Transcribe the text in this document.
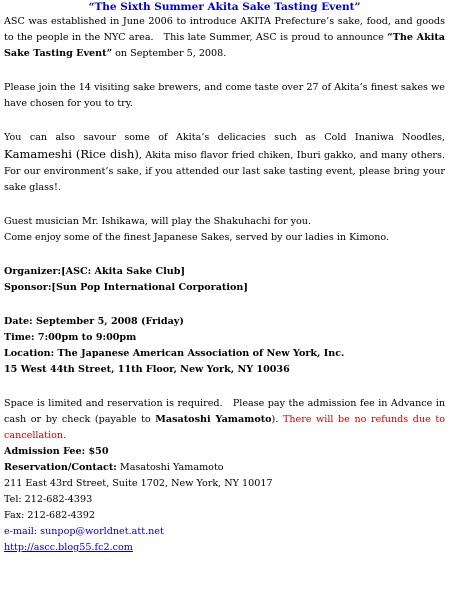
“The Sixth Summer Akita Sake Tasting Event”

ASC was established in June 2006 to introduce AKITA Prefecture’s sake, food, and goods to the people in the NYC area.   This late Summer, ASC is proud to announce “The Akita Sake Tasting Event” on September 5, 2008.

Please join the 14 visiting sake brewers, and come taste over 27 of Akita’s finest sakes we have chosen for you to try.

You can also savour some of Akita’s delicacies such as Cold Inaniwa Noodles, Kamameshi (Rice dish), Akita miso flavor fried chiken, Iburi gakko, and many others. For our environment’s sake, if you attended our last sake tasting event, please bring your sake glass!.

Guest musician Mr. Ishikawa, will play the Shakuhachi for you.

Come enjoy some of the finest Japanese Sakes, served by our ladies in Kimono.

Organizer:[ASC: Akita Sake Club]

Sponsor:[Sun Pop International Corporation]

Date: September 5, 2008 (Friday)

Time: 7:00pm to 9:00pm

Location: The Japanese American Association of New York, Inc.

15 West 44th Street, 11th Floor, New York, NY 10036

Space is limited and reservation is required.   Please pay the admission fee in Advance in cash or by check (payable to Masatoshi Yamamoto). There will be no refunds due to cancellation.

Admission Fee: $50

Reservation/Contact: Masatoshi Yamamoto

211 East 43rd Street, Suite 1702, New York, NY 10017

Tel: 212-682-4393

Fax: 212-682-4392

e-mail: sunpop@worldnet.att.net

http://ascc.blog55.fc2.com
